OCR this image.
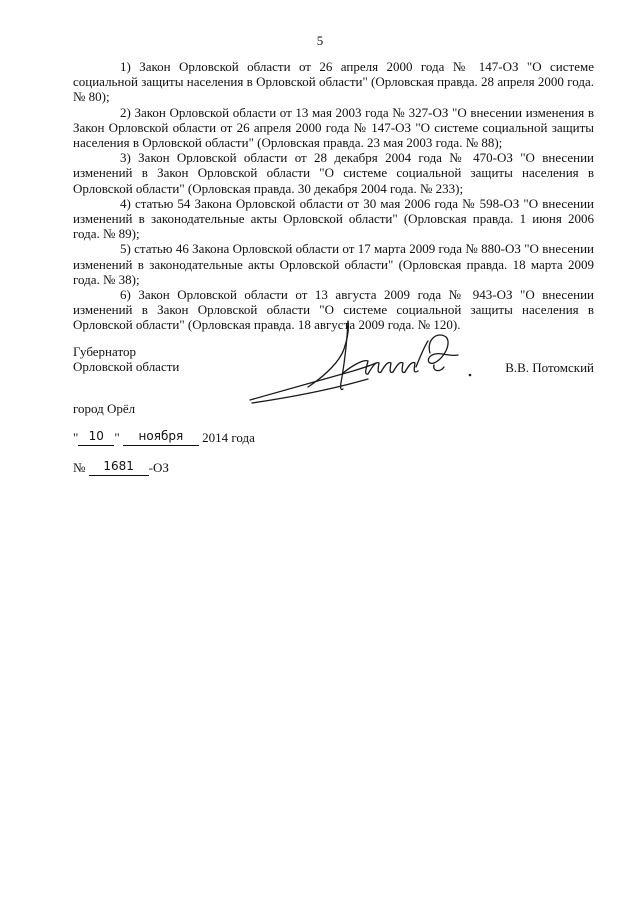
5

1) Закон Орловской области от 26 апреля 2000 года № 147-ОЗ "О системе социальной защиты населения в Орловской области" (Орловская правда. 28 апреля 2000 года. № 80);

2) Закон Орловской области от 13 мая 2003 года № 327-ОЗ "О внесении изменения в Закон Орловской области от 26 апреля 2000 года № 147-ОЗ "О системе социальной защиты населения в Орловской области" (Орловская правда. 23 мая 2003 года. № 88);

3) Закон Орловской области от 28 декабря 2004 года № 470-ОЗ "О внесении изменений в Закон Орловской области "О системе социальной защиты населения в Орловской области" (Орловская правда. 30 декабря 2004 года. № 233);

4) статью 54 Закона Орловской области от 30 мая 2006 года № 598-ОЗ "О внесении изменений в законодательные акты Орловской области" (Орловская правда. 1 июня 2006 года. № 89);

5) статью 46 Закона Орловской области от 17 марта 2009 года № 880-ОЗ "О внесении изменений в законодательные акты Орловской области" (Орловская правда. 18 марта 2009 года. № 38);

6) Закон Орловской области от 13 августа 2009 года № 943-ОЗ "О внесении изменений в Закон Орловской области "О системе социальной защиты населения в Орловской области" (Орловская правда. 18 августа 2009 года. № 120).

Губернатор
Орловской области	В.В. Потомский
город Орёл
" 10 " ноября 2014 года
№ 1681 -ОЗ
